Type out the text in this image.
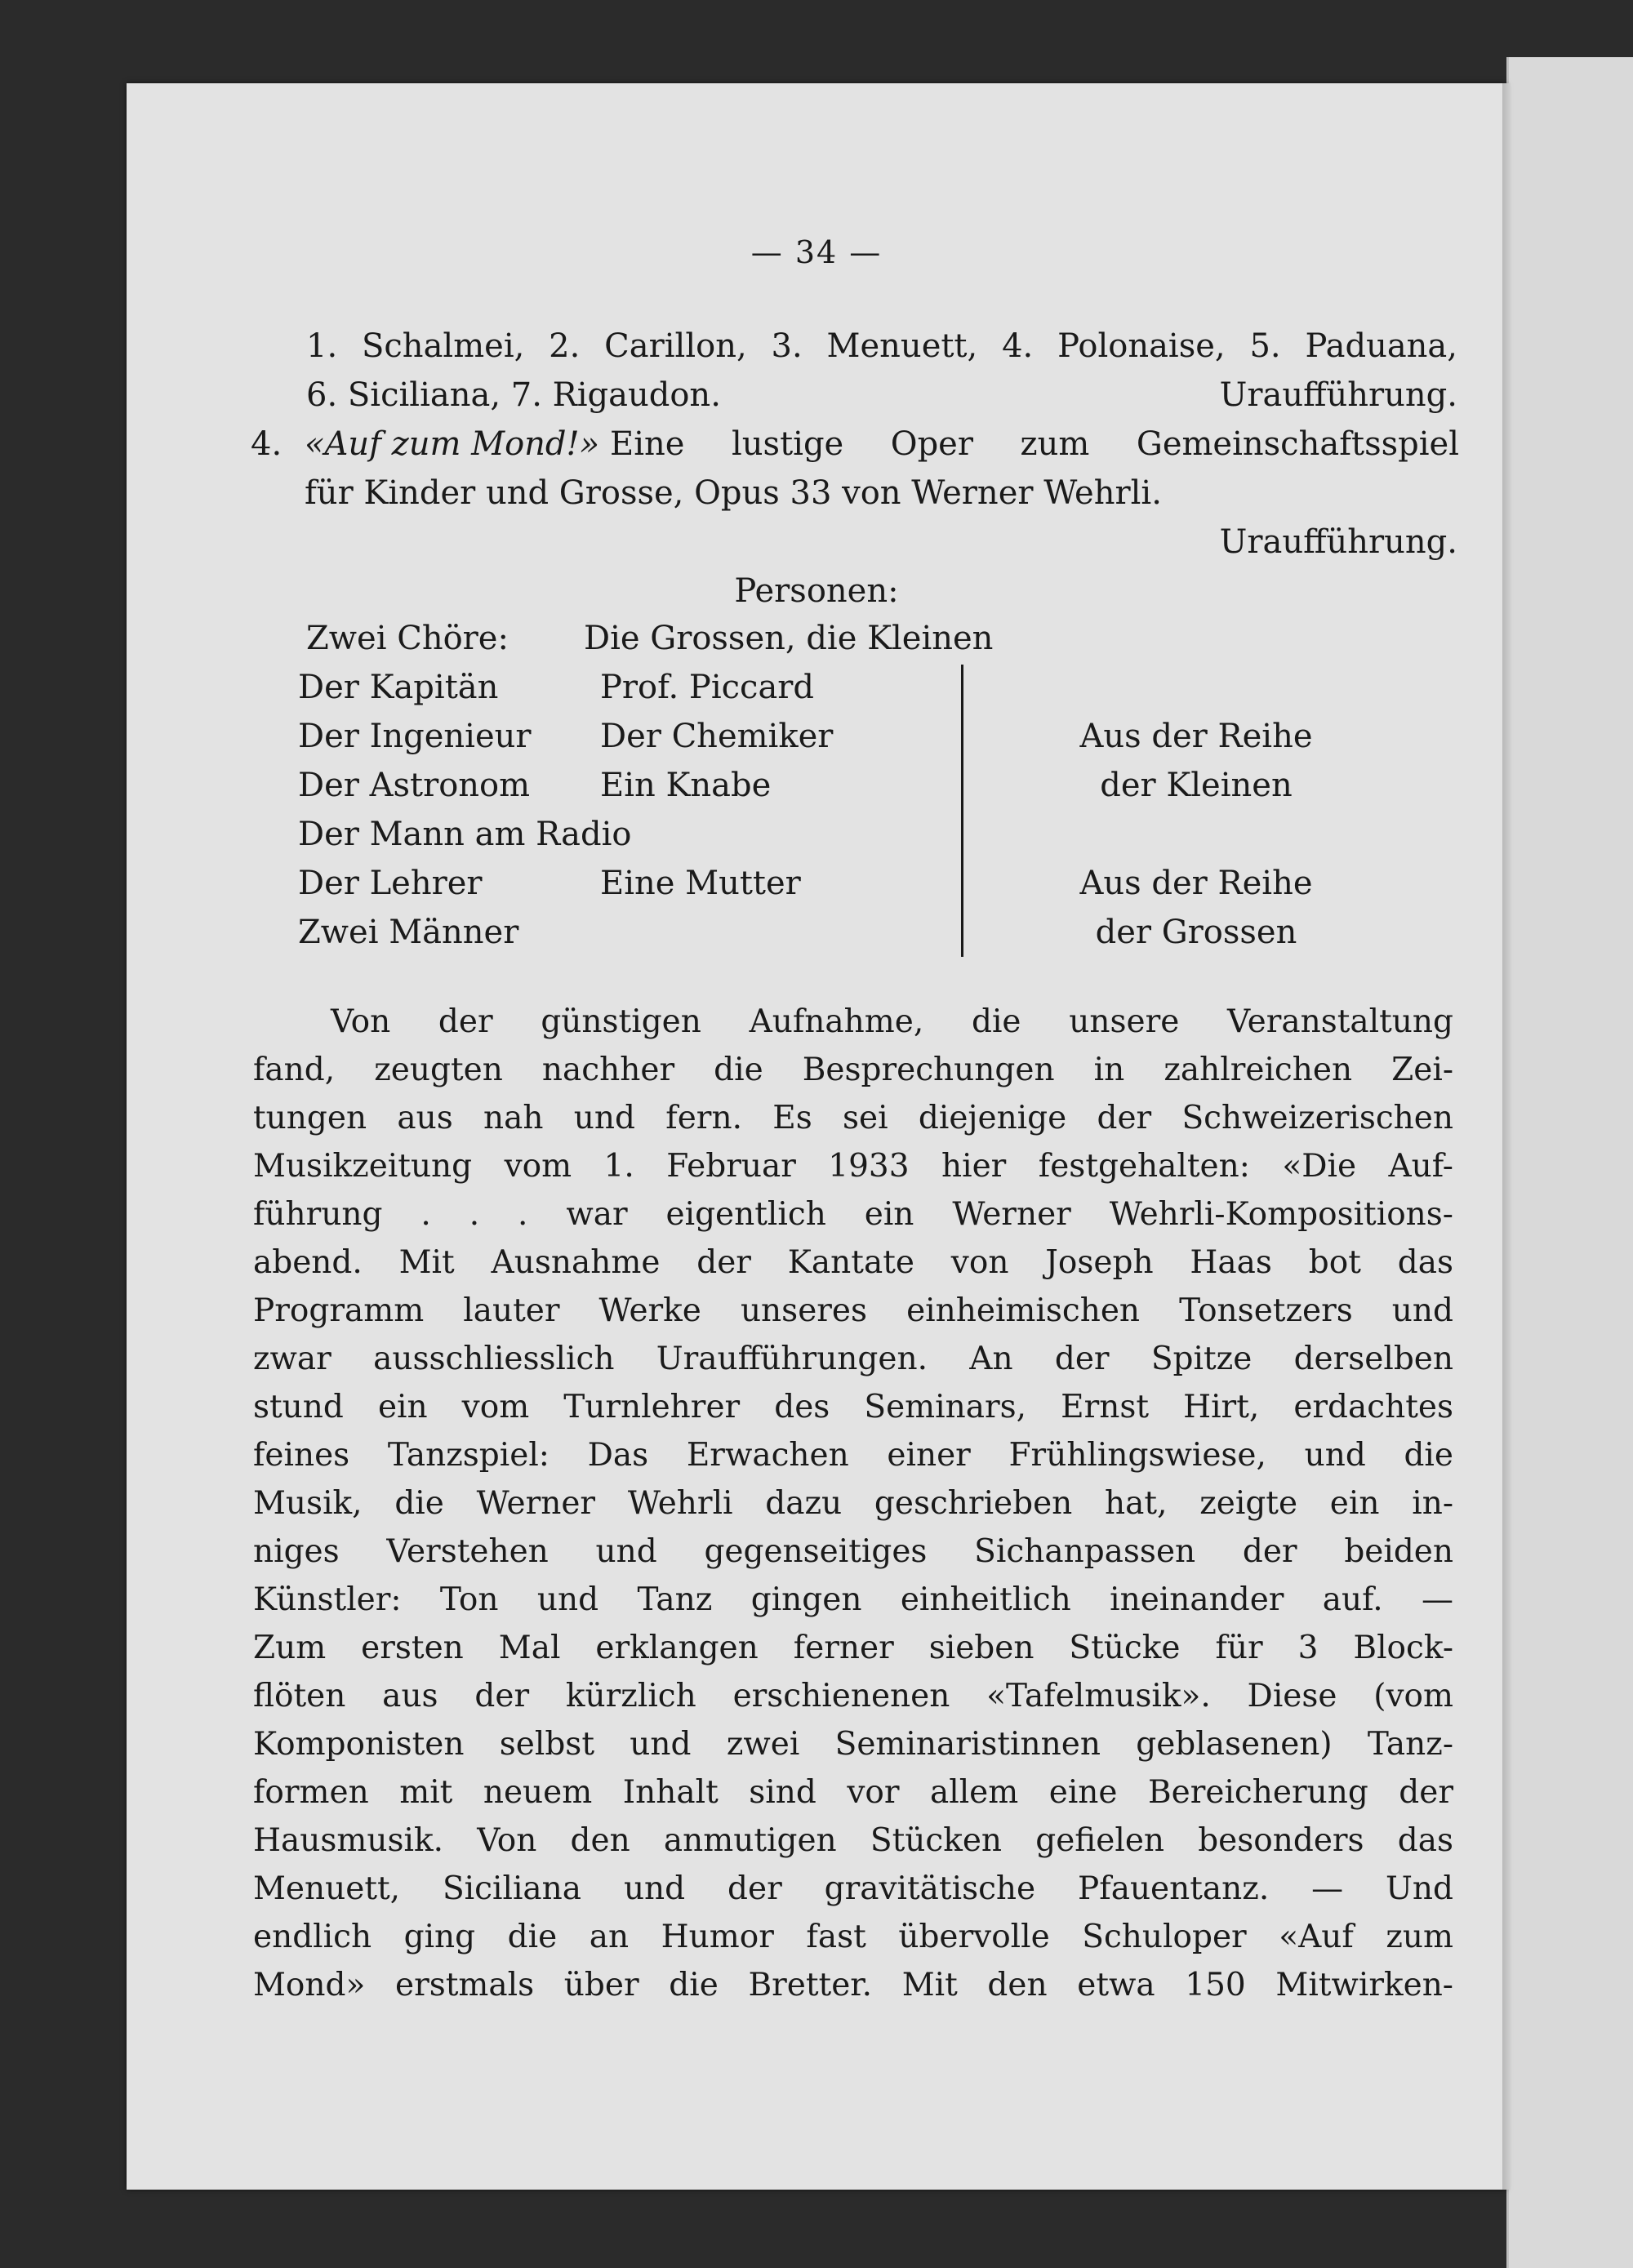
— 34 —
1. Schalmei, 2. Carillon, 3. Menuett, 4. Polonaise, 5. Paduana,
6. Siciliana, 7. Rigaudon.	Uraufführung.
4. «Auf zum Mond!» Eine lustige Oper zum Gemeinschaftsspiel
für Kinder und Grosse, Opus 33 von Werner Wehrli.
Uraufführung.
Personen:
Zwei Chöre: Die Grossen, die Kleinen
Der Kapitän
Der Ingenieur
Der Astronom
Der Mann am Radio
Der Lehrer
Zwei Männer
Prof. Piccard
Der Chemiker
Ein Knabe
Eine Mutter
Aus der Reihe
der Kleinen
Aus der Reihe
der Grossen
Von der günstigen Aufnahme, die unsere Veranstaltung
fand, zeugten nachher die Besprechungen in zahlreichen Zei-
tungen aus nah und fern. Es sei diejenige der Schweizerischen
Musikzeitung vom 1. Februar 1933 hier festgehalten: «Die Auf-
führung . . . war eigentlich ein Werner Wehrli-Kompositions-
abend. Mit Ausnahme der Kantate von Joseph Haas bot das
Programm lauter Werke unseres einheimischen Tonsetzers und
zwar ausschliesslich Uraufführungen. An der Spitze derselben
stund ein vom Turnlehrer des Seminars, Ernst Hirt, erdachtes
feines Tanzspiel: Das Erwachen einer Frühlingswiese, und die
Musik, die Werner Wehrli dazu geschrieben hat, zeigte ein in-
niges Verstehen und gegenseitiges Sichanpassen der beiden
Künstler: Ton und Tanz gingen einheitlich ineinander auf. —
Zum ersten Mal erklangen ferner sieben Stücke für 3 Block-
flöten aus der kürzlich erschienenen «Tafelmusik». Diese (vom
Komponisten selbst und zwei Seminaristinnen geblasenen) Tanz-
formen mit neuem Inhalt sind vor allem eine Bereicherung der
Hausmusik. Von den anmutigen Stücken gefielen besonders das
Menuett, Siciliana und der gravitätische Pfauentanz. — Und
endlich ging die an Humor fast übervolle Schuloper «Auf zum
Mond» erstmals über die Bretter. Mit den etwa 150 Mitwirken-
